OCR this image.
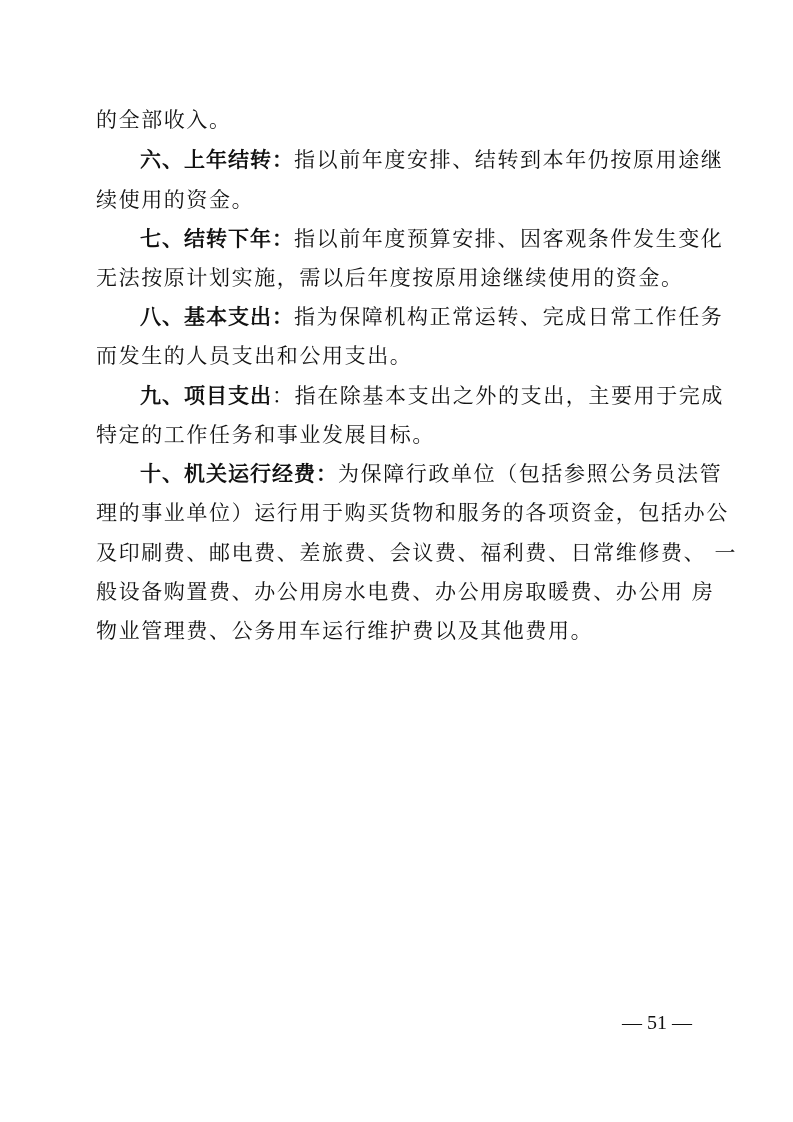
的全部收入。
六、上年结转：指以前年度安排、结转到本年仍按原用途继
续使用的资金。
七、结转下年：指以前年度预算安排、因客观条件发生变化
无法按原计划实施，需以后年度按原用途继续使用的资金。
八、基本支出：指为保障机构正常运转、完成日常工作任务
而发生的人员支出和公用支出。
九、项目支出：指在除基本支出之外的支出，主要用于完成
特定的工作任务和事业发展目标。
十、机关运行经费：为保障行政单位（包括参照公务员法管
理的事业单位）运行用于购买货物和服务的各项资金，包括办公
及印刷费、邮电费、差旅费、会议费、福利费、日常维修费、 一
般设备购置费、办公用房水电费、办公用房取暖费、办公用 房
物业管理费、公务用车运行维护费以及其他费用。
— 51 —
